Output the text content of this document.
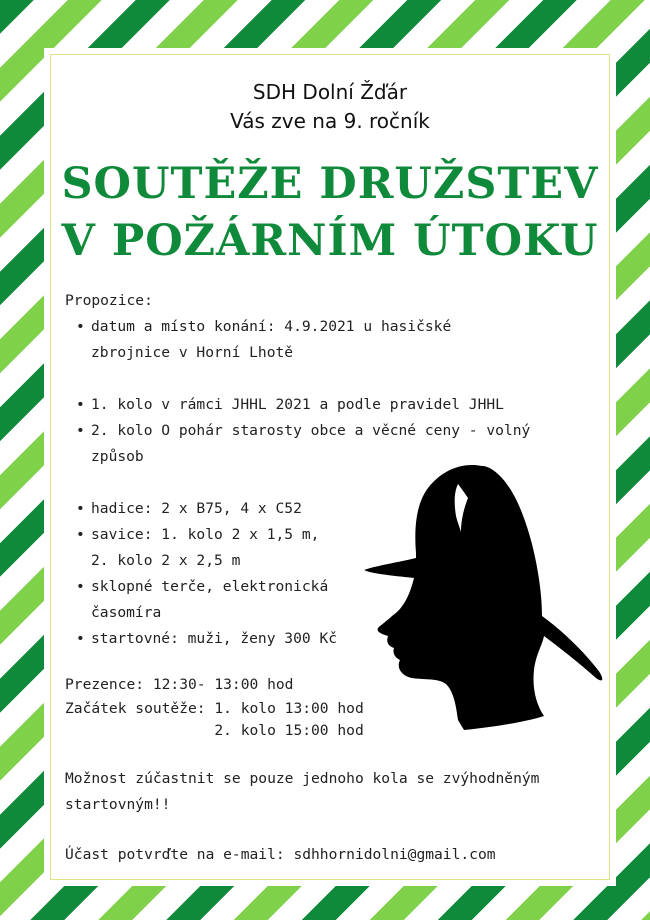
SDH Dolní Žďár
Vás zve na 9. ročník
SOUTĚŽE DRUŽSTEV
V POŽÁRNÍM ÚTOKU
Propozice:
• datum a místo konání: 4.9.2021 u hasičské
zbrojnice v Horní Lhotě
• 1. kolo v rámci JHHL 2021 a podle pravidel JHHL
• 2. kolo O pohár starosty obce a věcné ceny - volný
způsob
• hadice: 2 x B75, 4 x C52
• savice: 1. kolo 2 x 1,5 m,
2. kolo 2 x 2,5 m
• sklopné terče, elektronická
časomíra
• startovné: muži, ženy 300 Kč
Prezence: 12:30- 13:00 hod
Začátek soutěže: 1. kolo 13:00 hod
2. kolo 15:00 hod
Možnost zúčastnit se pouze jednoho kola se zvýhodněným
startovným!!
Účast potvrďte na e-mail: sdhhornidolni@gmail.com
